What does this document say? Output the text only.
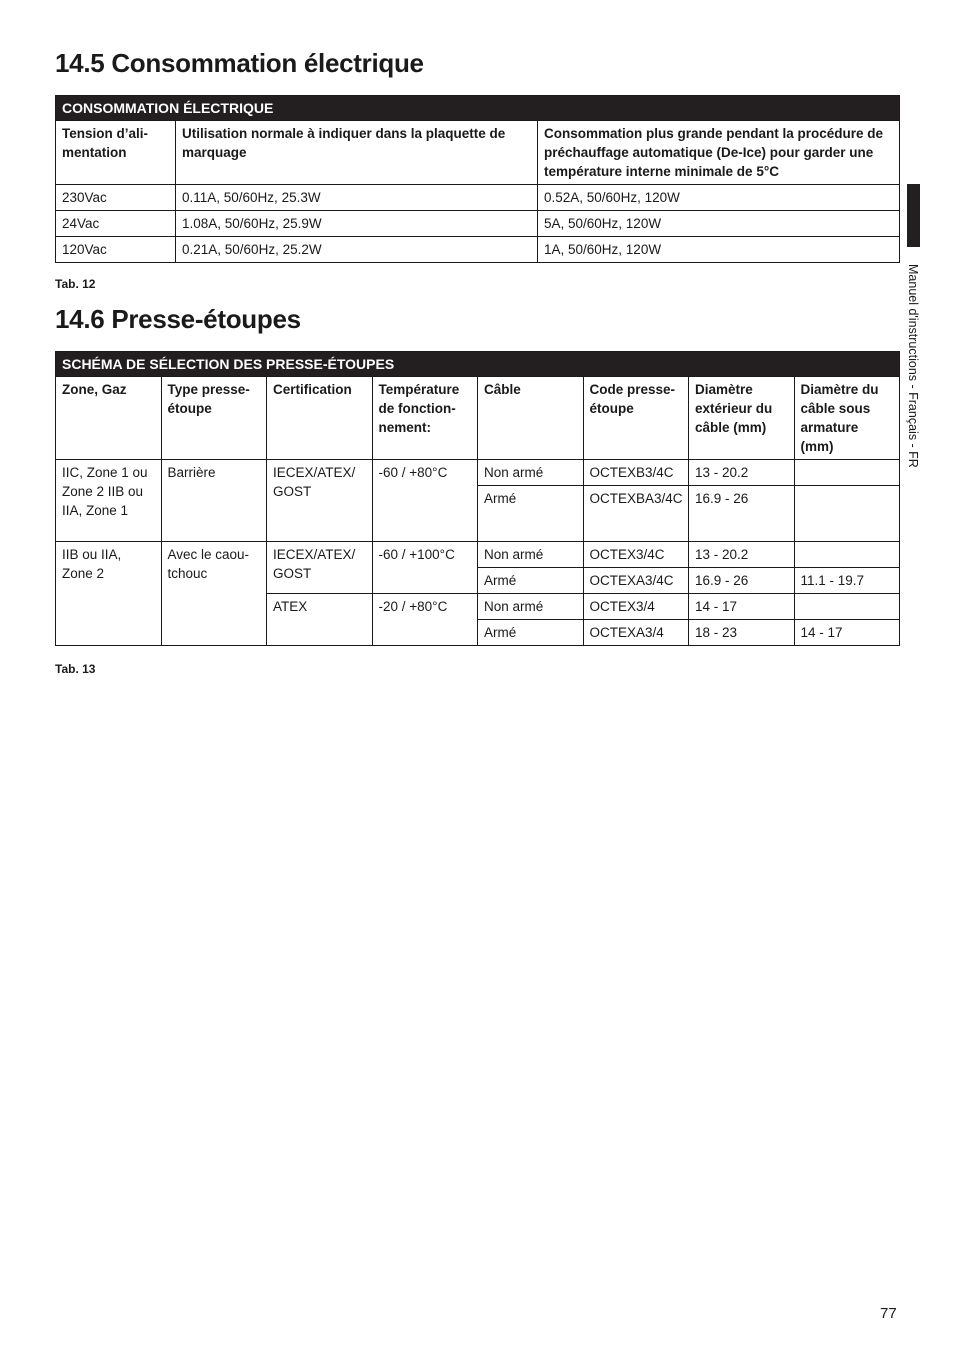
14.5 Consommation électrique
CONSOMMATION ÉLECTRIQUE		
Tension d’ali-mentation	Utilisation normale à indiquer dans la plaquette de marquage	Consommation plus grande pendant la procédure de préchauffage automatique (De-Ice) pour garder une température interne minimale de 5°C
230Vac	0.11A, 50/60Hz, 25.3W	0.52A, 50/60Hz, 120W
24Vac	1.08A, 50/60Hz, 25.9W	5A, 50/60Hz, 120W
120Vac	0.21A, 50/60Hz, 25.2W	1A, 50/60Hz, 120W

Tab. 12

14.6 Presse-étoupes
SCHÉMA DE SÉLECTION DES PRESSE-ÉTOUPES							
Zone, Gaz	Type presse-étoupe	Certification	Température de fonction-nement:	Câble	Code presse-étoupe	Diamètre extérieur du câble (mm)	Diamètre du câble sous armature (mm)
IIC, Zone 1 ou Zone 2 IIB ou IIA, Zone 1	Barrière	IECEX/ATEX/ GOST	-60 / +80°C	Non armé	OCTEXB3/4C	13 - 20.2	
				Armé	OCTEXBA3/4C	16.9 - 26	
IIB ou IIA, Zone 2	Avec le caou-tchouc	IECEX/ATEX/ GOST	-60 / +100°C	Non armé	OCTEX3/4C	13 - 20.2	
				Armé	OCTEXA3/4C	16.9 - 26	11.1 - 19.7
		ATEX	-20 / +80°C	Non armé	OCTEX3/4	14 - 17	
				Armé	OCTEXA3/4	18 - 23	14 - 17

Tab. 13

Manuel d'instructions - Français - FR
77
